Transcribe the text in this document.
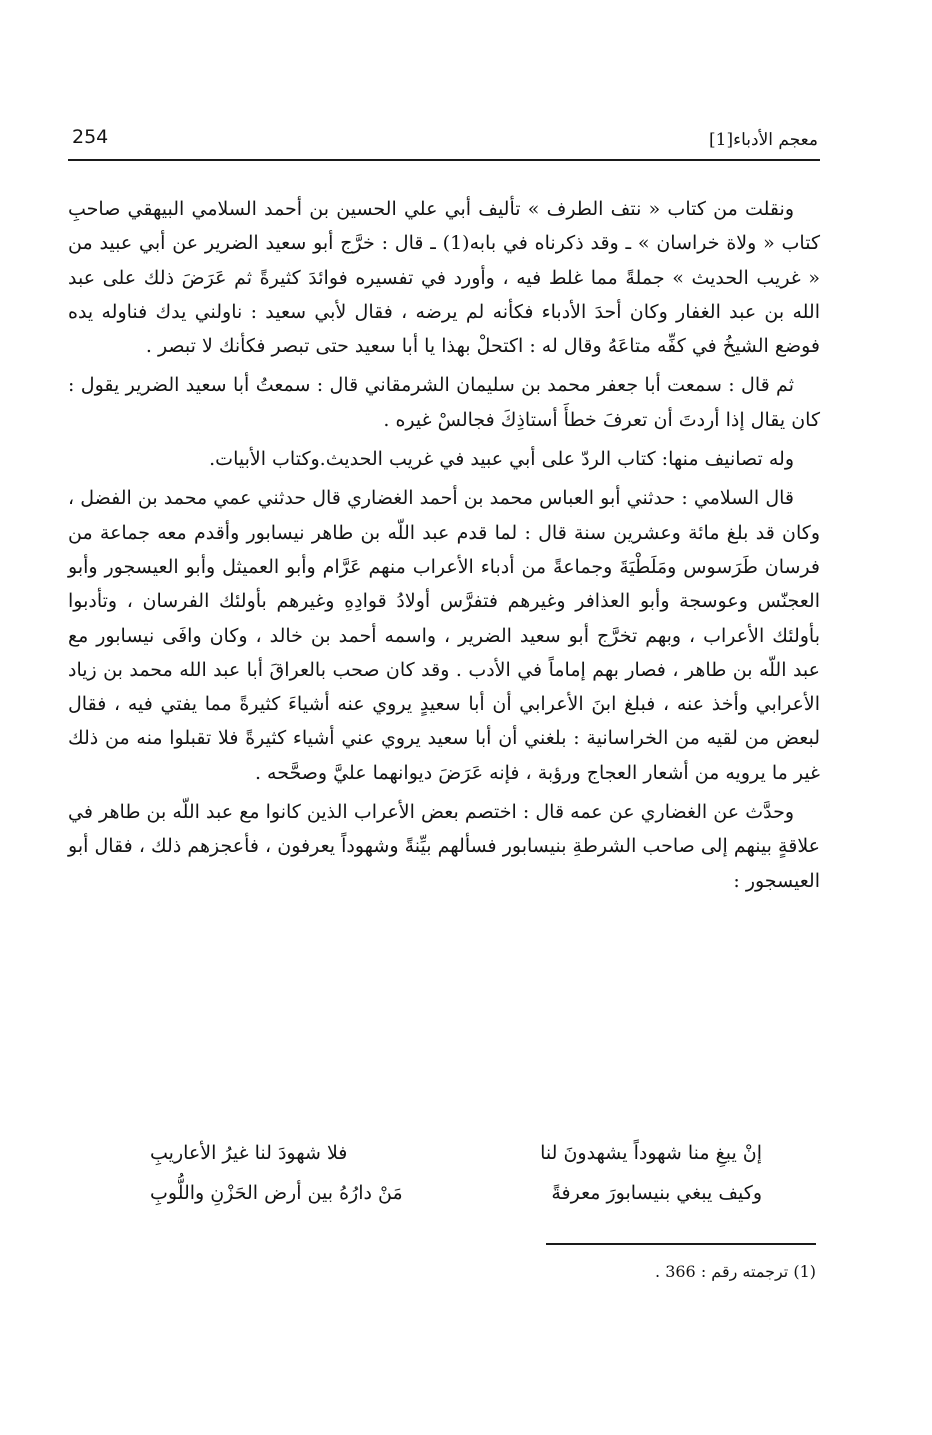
معجم الأدباء[1]
254

ونقلت من كتاب « نتف الطرف » تأليف أبي علي الحسين بن أحمد السلامي البيهقي صاحبِ كتاب « ولاة خراسان » ـ وقد ذكرناه في بابه(1) ـ قال : خرَّج أبو سعيد الضرير عن أبي عبيد من « غريب الحديث » جملةً مما غلط فيه ، وأورد في تفسيره فوائدَ كثيرةً ثم عَرَضَ ذلك على عبد الله بن عبد الغفار وكان أحدَ الأدباء فكأنه لم يرضه ، فقال لأبي سعيد : ناولني يدك فناوله يده فوضع الشيخُ في كفِّه متاعَهُ وقال له : اكتحلْ بهذا يا أبا سعيد حتى تبصر فكأنك لا تبصر .

ثم قال : سمعت أبا جعفر محمد بن سليمان الشرمقاني قال : سمعتُ أبا سعيد الضرير يقول : كان يقال إذا أردتَ أن تعرفَ خطأَ أستاذِكَ فجالسْ غيره .

وله تصانيف منها: كتاب الردّ على أبي عبيد في غريب الحديث.وكتاب الأبيات.

قال السلامي : حدثني أبو العباس محمد بن أحمد الغضاري قال حدثني عمي محمد بن الفضل ، وكان قد بلغ مائة وعشرين سنة قال : لما قدم عبد اللّه بن طاهر نيسابور وأقدم معه جماعة من فرسان طَرَسوس ومَلَطْيَةَ وجماعةً من أدباء الأعراب منهم عَرَّام وأبو العميثل وأبو العيسجور وأبو العجنّس وعوسجة وأبو العذافر وغيرهم فتفرَّس أولادُ قوادِهِ وغيرهم بأولئك الفرسان ، وتأدبوا بأولئك الأعراب ، وبهم تخرَّج أبو سعيد الضرير ، واسمه أحمد بن خالد ، وكان وافَى نيسابور مع عبد اللّه بن طاهر ، فصار بهم إماماً في الأدب . وقد كان صحب بالعراقَ أبا عبد الله محمد بن زياد الأعرابي وأخذ عنه ، فبلغ ابنَ الأعرابي أن أبا سعيدٍ يروي عنه أشياءَ كثيرةً مما يفتي فيه ، فقال لبعض من لقيه من الخراسانية : بلغني أن أبا سعيد يروي عني أشياء كثيرةً فلا تقبلوا منه من ذلك غير ما يرويه من أشعار العجاج ورؤبة ، فإنه عَرَضَ ديوانهما عليَّ وصحَّحه .

وحدَّث عن الغضاري عن عمه قال : اختصم بعض الأعراب الذين كانوا مع عبد اللّه بن طاهر في علاقةٍ بينهم إلى صاحب الشرطةِ بنيسابور فسألهم بيِّنةً وشهوداً يعرفون ، فأعجزهم ذلك ، فقال أبو العيسجور :

إنْ يبغِ منا شهوداً يشهدونَ لنا
فلا شهودَ لنا غيرُ الأعاريبِ
وكيف يبغي بنيسابورَ معرفةً
مَنْ دارُهُ بين أرض الحَزْنِ واللُّوبِ
(1) ترجمته رقم : 366 .
